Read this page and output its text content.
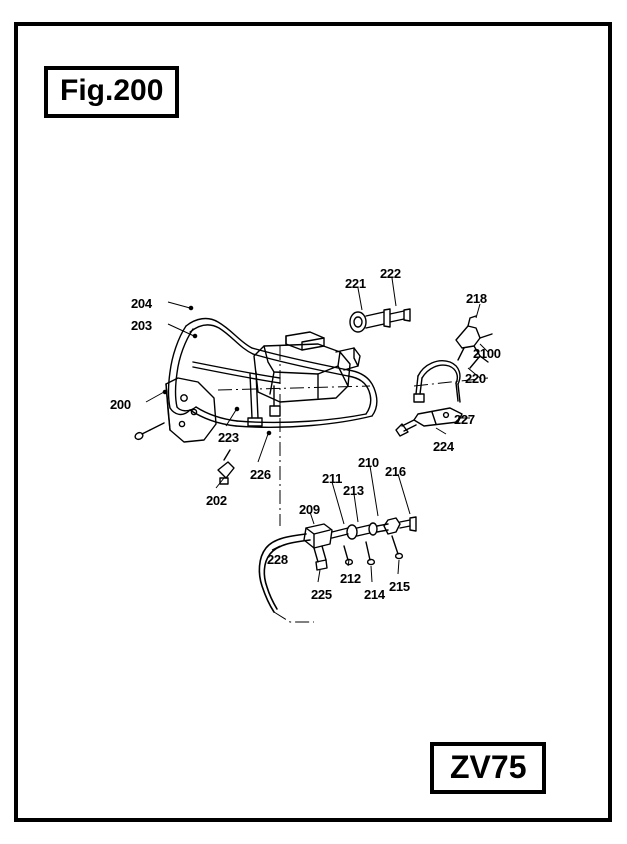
Fig.200
ZV75
204
203
200
223
202
226
221
222
218
2100
220
227
224
210
216
211
213
209
228
225
212
214
215
